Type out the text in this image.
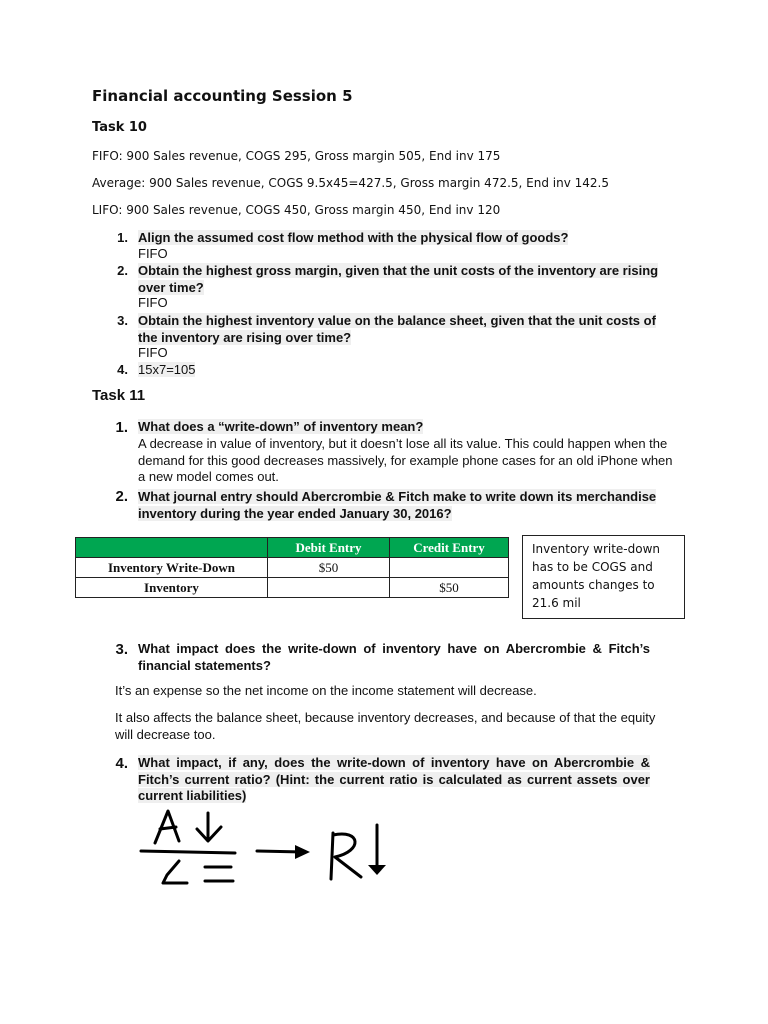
Financial accounting Session 5
Task 10
FIFO: 900 Sales revenue, COGS 295, Gross margin 505, End inv 175
Average: 900 Sales revenue, COGS 9.5x45=427.5, Gross margin 472.5, End inv 142.5
LIFO: 900 Sales revenue, COGS 450, Gross margin 450, End inv 120
1. Align the assumed cost flow method with the physical flow of goods?
FIFO
2. Obtain the highest gross margin, given that the unit costs of the inventory are rising over time?
FIFO
3. Obtain the highest inventory value on the balance sheet, given that the unit costs of the inventory are rising over time?
FIFO
4. 15x7=105
Task 11
1. What does a “write-down” of inventory mean?
A decrease in value of inventory, but it doesn’t lose all its value. This could happen when the demand for this good decreases massively, for example phone cases for an old iPhone when a new model comes out.
2. What journal entry should Abercrombie & Fitch make to write down its merchandise inventory during the year ended January 30, 2016?
	Debit Entry	Credit Entry
Inventory Write-Down	$50	
Inventory		$50
Inventory write-down has to be COGS and amounts changes to 21.6 mil
3. What impact does the write-down of inventory have on Abercrombie & Fitch’s financial statements?
It’s an expense so the net income on the income statement will decrease.
It also affects the balance sheet, because inventory decreases, and because of that the equity will decrease too.
4. What impact, if any, does the write-down of inventory have on Abercrombie & Fitch’s current ratio? (Hint: the current ratio is calculated as current assets over current liabilities)
